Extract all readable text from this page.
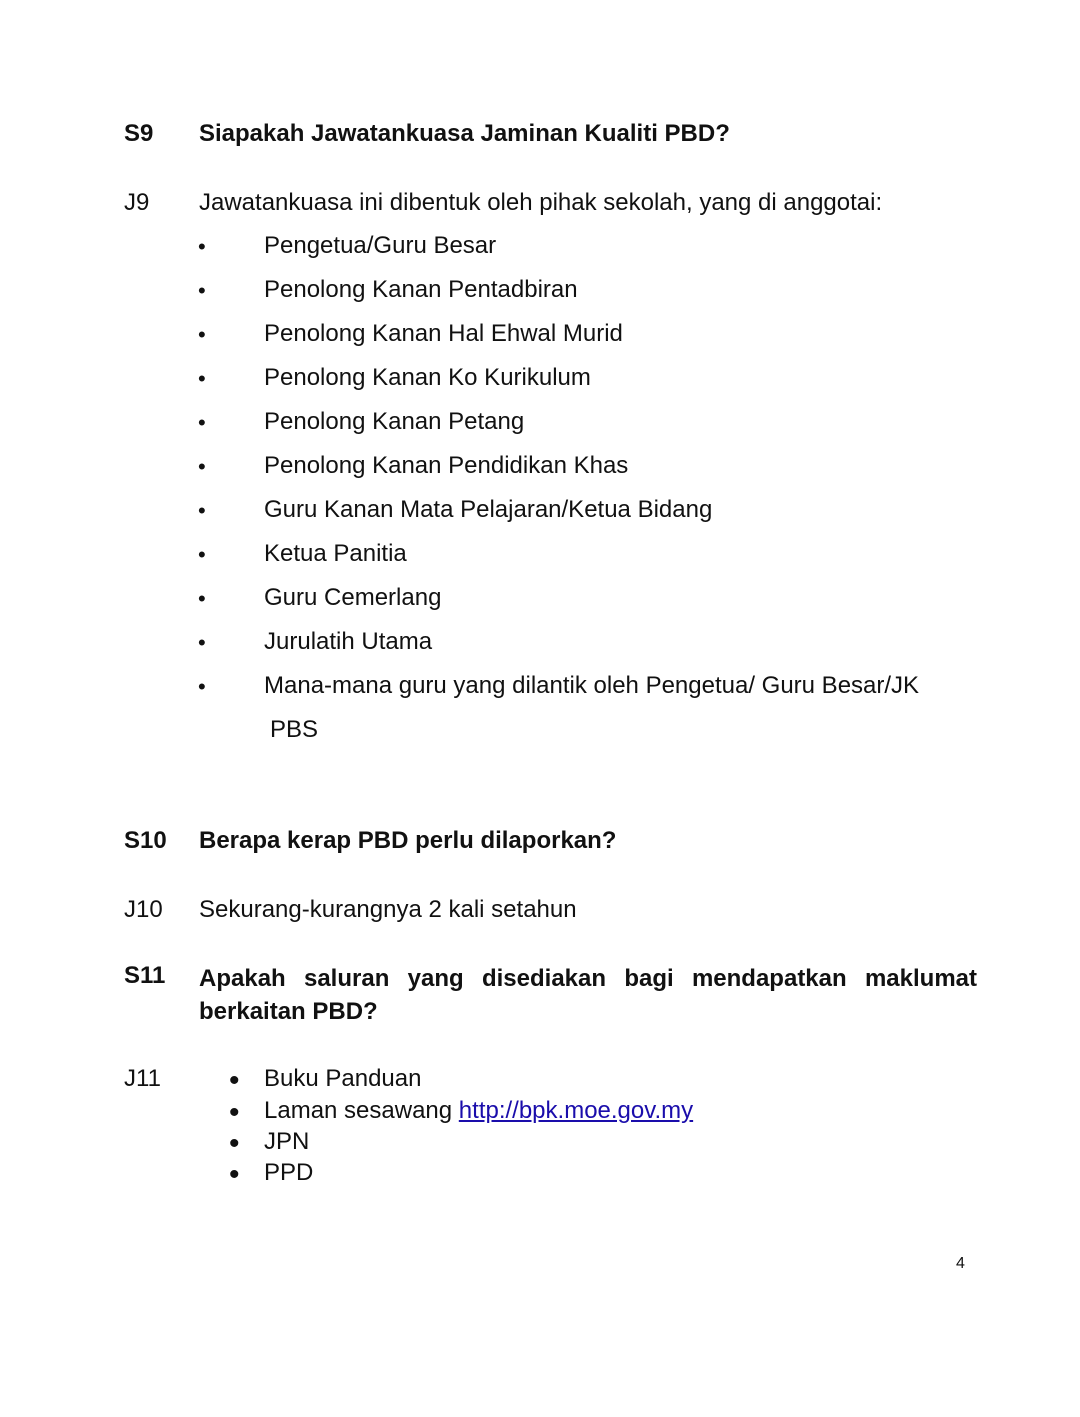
S9 Siapakah Jawatankuasa Jaminan Kualiti PBD?
J9 Jawatankuasa ini dibentuk oleh pihak sekolah, yang di anggotai:
• Pengetua/Guru Besar
• Penolong Kanan Pentadbiran
• Penolong Kanan Hal Ehwal Murid
• Penolong Kanan Ko Kurikulum
• Penolong Kanan Petang
• Penolong Kanan Pendidikan Khas
• Guru Kanan Mata Pelajaran/Ketua Bidang
• Ketua Panitia
• Guru Cemerlang
• Jurulatih Utama
• Mana-mana guru yang dilantik oleh Pengetua/ Guru Besar/JK
PBS
S10 Berapa kerap PBD perlu dilaporkan?
J10 Sekurang-kurangnya 2 kali setahun
S11 Apakah saluran yang disediakan bagi mendapatkan maklumat berkaitan PBD?
J11 • Buku Panduan
• Laman sesawang http://bpk.moe.gov.my
• JPN
• PPD
4
